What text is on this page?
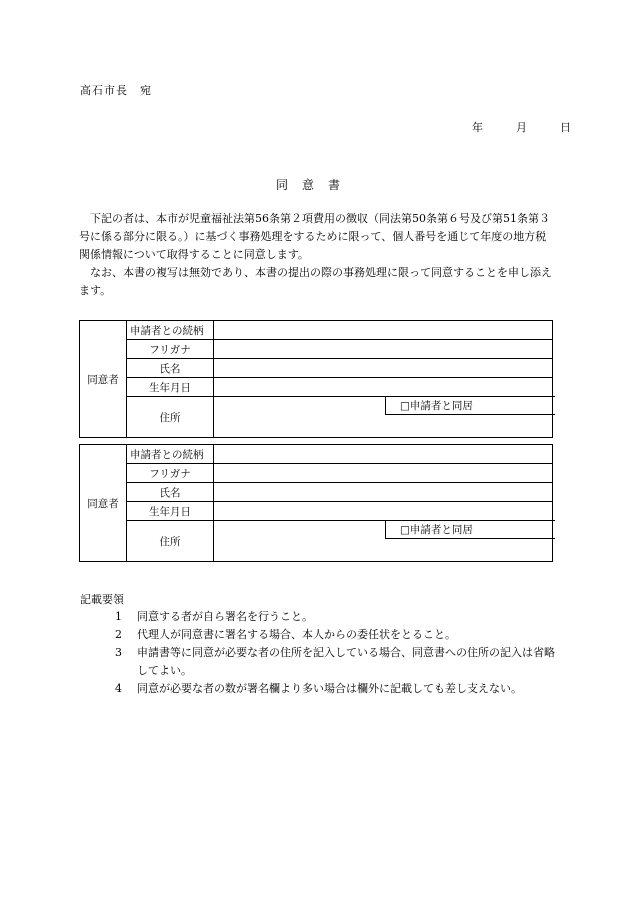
高石市長　宛
年	月	日
同意書

下記の者は、本市が児童福祉法第56条第２項費用の徴収（同法第50条第６号及び第51条第３号に係る部分に限る。）に基づく事務処理をするために限って、個人番号を通じて年度の地方税関係情報について取得することに同意します。

なお、本書の複写は無効であり、本書の提出の際の事務処理に限って同意することを申し添えます。

同意者	申請者との続柄	
	フリガナ	
	氏名	
	生年月日	
	住所	□申請者と同居

同意者	申請者との続柄	
	フリガナ	
	氏名	
	生年月日	
	住所	□申請者と同居

記載要領
1	同意する者が自ら署名を行うこと。
2	代理人が同意書に署名する場合、本人からの委任状をとること。
3	申請書等に同意が必要な者の住所を記入している場合、同意書への住所の記入は省略してよい。
4	同意が必要な者の数が署名欄より多い場合は欄外に記載しても差し支えない。
